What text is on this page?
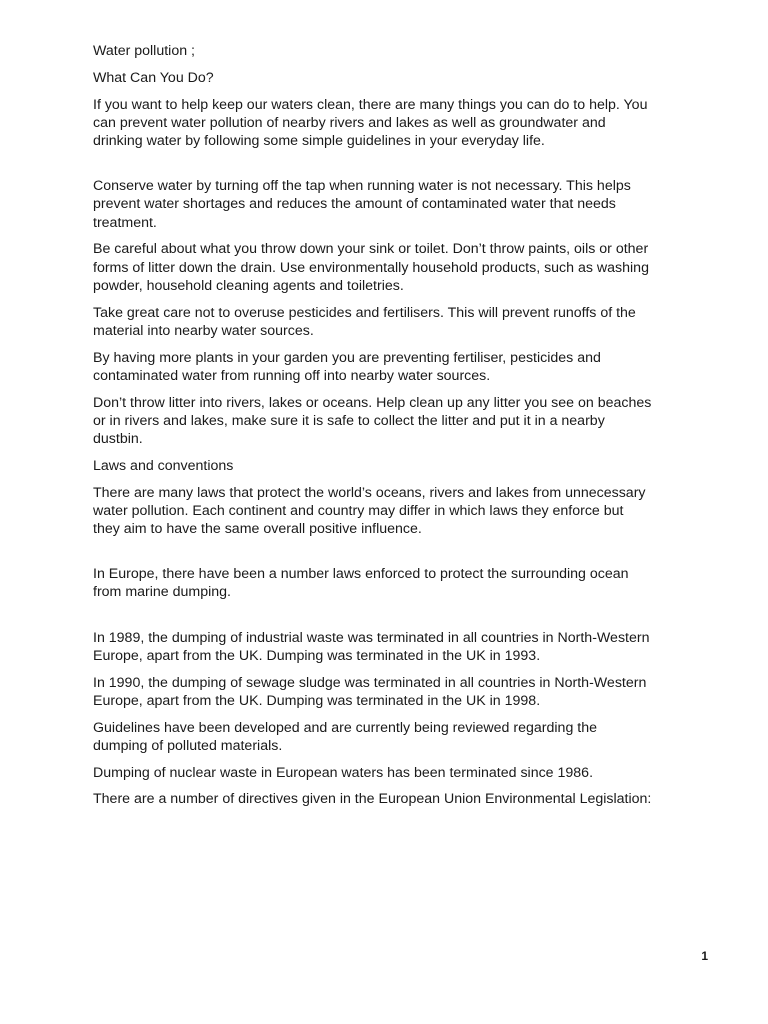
Water pollution ;

What Can You Do?

If you want to help keep our waters clean, there are many things you can do to help. You
can prevent water pollution of nearby rivers and lakes as well as groundwater and
drinking water by following some simple guidelines in your everyday life.

Conserve water by turning off the tap when running water is not necessary. This helps
prevent water shortages and reduces the amount of contaminated water that needs
treatment.

Be careful about what you throw down your sink or toilet. Don’t throw paints, oils or other
forms of litter down the drain. Use environmentally household products, such as washing
powder, household cleaning agents and toiletries.

Take great care not to overuse pesticides and fertilisers. This will prevent runoffs of the
material into nearby water sources.

By having more plants in your garden you are preventing fertiliser, pesticides and
contaminated water from running off into nearby water sources.

Don’t throw litter into rivers, lakes or oceans. Help clean up any litter you see on beaches
or in rivers and lakes, make sure it is safe to collect the litter and put it in a nearby
dustbin.

Laws and conventions

There are many laws that protect the world’s oceans, rivers and lakes from unnecessary
water pollution. Each continent and country may differ in which laws they enforce but
they aim to have the same overall positive influence.

In Europe, there have been a number laws enforced to protect the surrounding ocean
from marine dumping.

In 1989, the dumping of industrial waste was terminated in all countries in North-Western
Europe, apart from the UK. Dumping was terminated in the UK in 1993.

In 1990, the dumping of sewage sludge was terminated in all countries in North-Western
Europe, apart from the UK. Dumping was terminated in the UK in 1998.

Guidelines have been developed and are currently being reviewed regarding the
dumping of polluted materials.

Dumping of nuclear waste in European waters has been terminated since 1986.

There are a number of directives given in the European Union Environmental Legislation:

1
